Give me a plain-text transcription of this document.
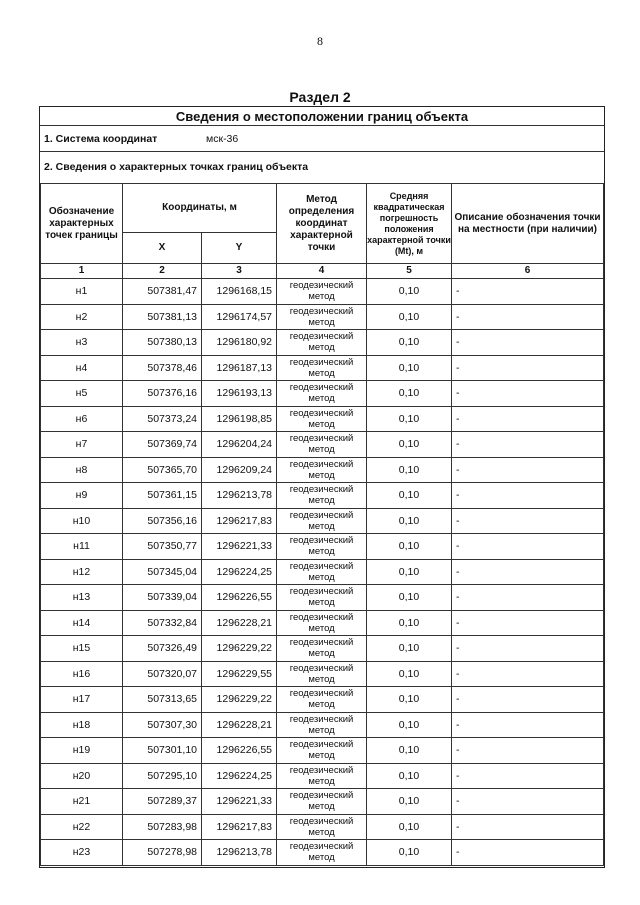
8
Раздел 2
Сведения о местоположении границ объекта
1. Система координат	мск-36
2. Сведения о характерных точках границ объекта
Обозначение характерных точек границы	Координаты, м		Метод определения координат характерной точки	Средняя квадратическая погрешность положения характерной точки (Mt), м	Описание обозначения точки на местности (при наличии)
	X	Y			
1	2	3	4	5	6
н1	507381,47	1296168,15	геодезический метод	0,10	-
н2	507381,13	1296174,57	геодезический метод	0,10	-
н3	507380,13	1296180,92	геодезический метод	0,10	-
н4	507378,46	1296187,13	геодезический метод	0,10	-
н5	507376,16	1296193,13	геодезический метод	0,10	-
н6	507373,24	1296198,85	геодезический метод	0,10	-
н7	507369,74	1296204,24	геодезический метод	0,10	-
н8	507365,70	1296209,24	геодезический метод	0,10	-
н9	507361,15	1296213,78	геодезический метод	0,10	-
н10	507356,16	1296217,83	геодезический метод	0,10	-
н11	507350,77	1296221,33	геодезический метод	0,10	-
н12	507345,04	1296224,25	геодезический метод	0,10	-
н13	507339,04	1296226,55	геодезический метод	0,10	-
н14	507332,84	1296228,21	геодезический метод	0,10	-
н15	507326,49	1296229,22	геодезический метод	0,10	-
н16	507320,07	1296229,55	геодезический метод	0,10	-
н17	507313,65	1296229,22	геодезический метод	0,10	-
н18	507307,30	1296228,21	геодезический метод	0,10	-
н19	507301,10	1296226,55	геодезический метод	0,10	-
н20	507295,10	1296224,25	геодезический метод	0,10	-
н21	507289,37	1296221,33	геодезический метод	0,10	-
н22	507283,98	1296217,83	геодезический метод	0,10	-
н23	507278,98	1296213,78	геодезический метод	0,10	-
